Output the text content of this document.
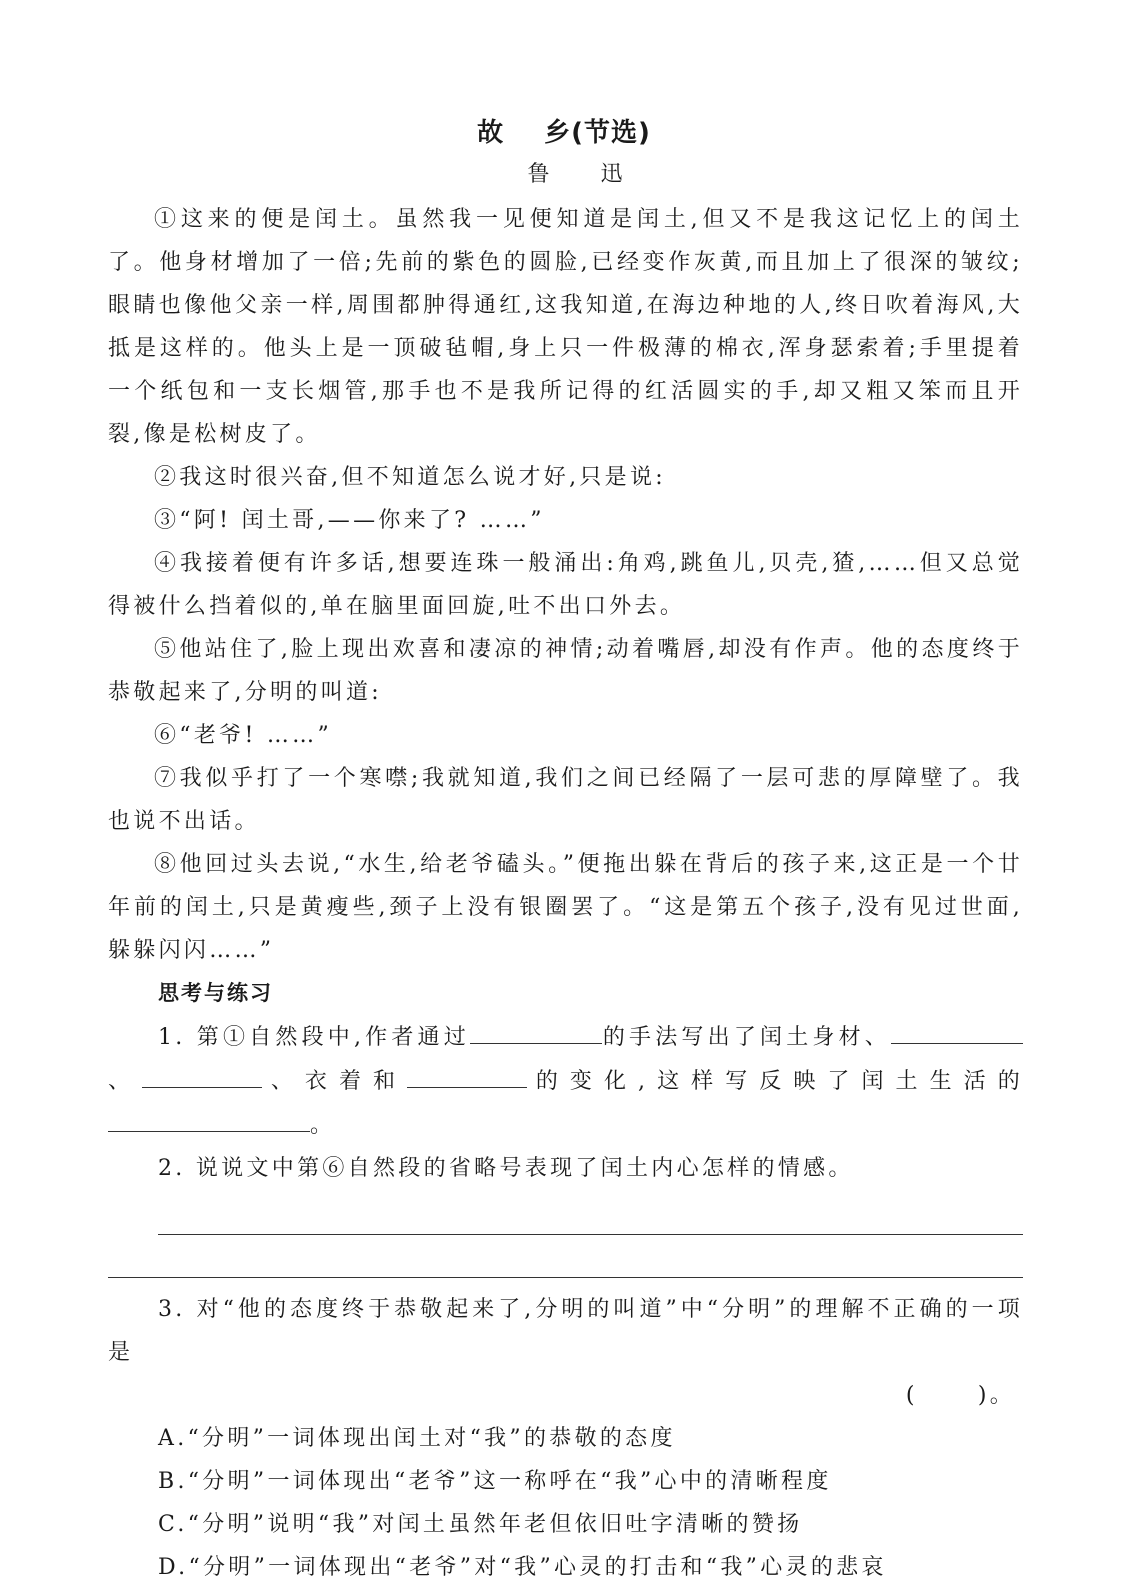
故 乡(节选)
鲁 迅

①这来的便是闰土。虽然我一见便知道是闰土,但又不是我这记忆上的闰土了。他身材增加了一倍;先前的紫色的圆脸,已经变作灰黄,而且加上了很深的皱纹;眼睛也像他父亲一样,周围都肿得通红,这我知道,在海边种地的人,终日吹着海风,大抵是这样的。他头上是一顶破毡帽,身上只一件极薄的棉衣,浑身瑟索着;手里提着一个纸包和一支长烟管,那手也不是我所记得的红活圆实的手,却又粗又笨而且开裂,像是松树皮了。

②我这时很兴奋,但不知道怎么说才好,只是说:

③“阿! 闰土哥,——你来了? ……”

④我接着便有许多话,想要连珠一般涌出:角鸡,跳鱼儿,贝壳,猹,……但又总觉得被什么挡着似的,单在脑里面回旋,吐不出口外去。

⑤他站住了,脸上现出欢喜和凄凉的神情;动着嘴唇,却没有作声。他的态度终于恭敬起来了,分明的叫道:

⑥“老爷! ……”

⑦我似乎打了一个寒噤;我就知道,我们之间已经隔了一层可悲的厚障壁了。我也说不出话。

⑧他回过头去说,“水生,给老爷磕头。”便拖出躲在背后的孩子来,这正是一个廿年前的闰土,只是黄瘦些,颈子上没有银圈罢了。“这是第五个孩子,没有见过世面,躲躲闪闪……”

思考与练习

1. 第①自然段中,作者通过	的手法写出了闰土身材、、	、衣着和	的变化,这样写反映了闰土生活的。

2. 说说文中第⑥自然段的省略号表现了闰土内心怎样的情感。

3. 对“他的态度终于恭敬起来了,分明的叫道”中“分明”的理解不正确的一项是

(	)。

A.“分明”一词体现出闰土对“我”的恭敬的态度

B.“分明”一词体现出“老爷”这一称呼在“我”心中的清晰程度

C.“分明”说明“我”对闰土虽然年老但依旧吐字清晰的赞扬

D.“分明”一词体现出“老爷”对“我”心灵的打击和“我”心灵的悲哀
